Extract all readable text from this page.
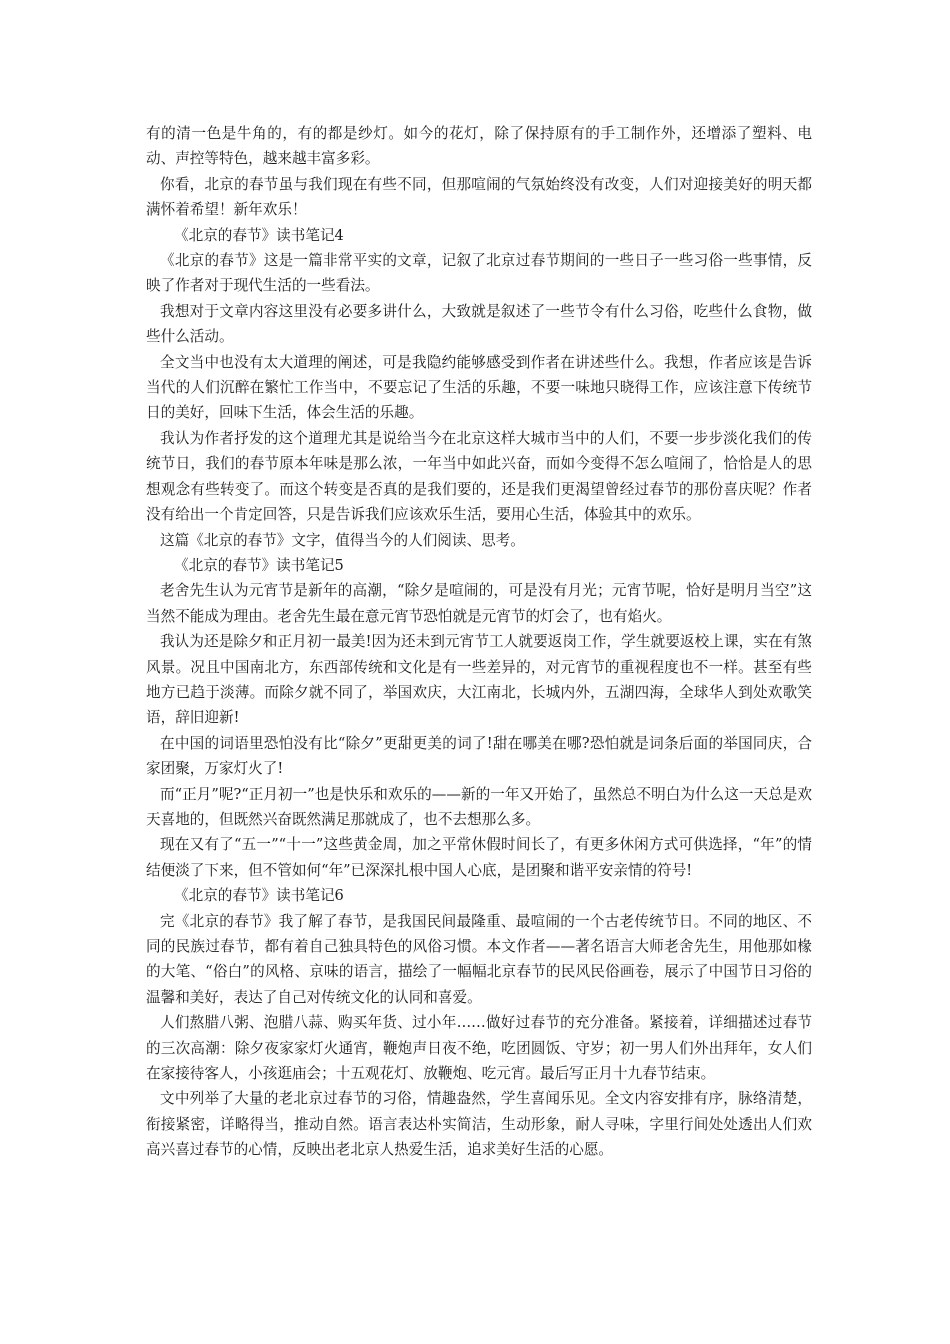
有的清一色是牛角的，有的都是纱灯。如今的花灯，除了保持原有的手工制作外，还增添了塑料、电动、声控等特色，越来越丰富多彩。

你看，北京的春节虽与我们现在有些不同，但那喧闹的气氛始终没有改变，人们对迎接美好的明天都满怀着希望！新年欢乐！

《北京的春节》读书笔记4

《北京的春节》这是一篇非常平实的文章，记叙了北京过春节期间的一些日子一些习俗一些事情，反映了作者对于现代生活的一些看法。

我想对于文章内容这里没有必要多讲什么，大致就是叙述了一些节令有什么习俗，吃些什么食物，做些什么活动。

全文当中也没有太大道理的阐述，可是我隐约能够感受到作者在讲述些什么。我想，作者应该是告诉当代的人们沉醉在繁忙工作当中，不要忘记了生活的乐趣，不要一味地只晓得工作，应该注意下传统节日的美好，回味下生活，体会生活的乐趣。

我认为作者抒发的这个道理尤其是说给当今在北京这样大城市当中的人们，不要一步步淡化我们的传统节日，我们的春节原本年味是那么浓，一年当中如此兴奋，而如今变得不怎么喧闹了，恰恰是人的思想观念有些转变了。而这个转变是否真的是我们要的，还是我们更渴望曾经过春节的那份喜庆呢？作者没有给出一个肯定回答，只是告诉我们应该欢乐生活，要用心生活，体验其中的欢乐。

这篇《北京的春节》文字，值得当今的人们阅读、思考。

《北京的春节》读书笔记5

老舍先生认为元宵节是新年的高潮，“除夕是喧闹的，可是没有月光；元宵节呢，恰好是明月当空”这当然不能成为理由。老舍先生最在意元宵节恐怕就是元宵节的灯会了，也有焰火。

我认为还是除夕和正月初一最美!因为还未到元宵节工人就要返岗工作，学生就要返校上课，实在有煞风景。况且中国南北方，东西部传统和文化是有一些差异的，对元宵节的重视程度也不一样。甚至有些地方已趋于淡薄。而除夕就不同了，举国欢庆，大江南北，长城内外，五湖四海，全球华人到处欢歌笑语，辞旧迎新!

在中国的词语里恐怕没有比“除夕”更甜更美的词了!甜在哪美在哪?恐怕就是词条后面的举国同庆，合家团聚，万家灯火了!

而“正月”呢?“正月初一”也是快乐和欢乐的——新的一年又开始了，虽然总不明白为什么这一天总是欢天喜地的，但既然兴奋既然满足那就成了，也不去想那么多。

现在又有了“五一”“十一”这些黄金周，加之平常休假时间长了，有更多休闲方式可供选择，“年”的情结便淡了下来，但不管如何“年”已深深扎根中国人心底，是团聚和谐平安亲情的符号!

《北京的春节》读书笔记6

完《北京的春节》我了解了春节，是我国民间最隆重、最喧闹的一个古老传统节日。不同的地区、不同的民族过春节，都有着自己独具特色的风俗习惯。本文作者——著名语言大师老舍先生，用他那如椽的大笔、“俗白”的风格、京味的语言，描绘了一幅幅北京春节的民风民俗画卷，展示了中国节日习俗的温馨和美好，表达了自己对传统文化的认同和喜爱。

人们熬腊八粥、泡腊八蒜、购买年货、过小年……做好过春节的充分准备。紧接着，详细描述过春节的三次高潮：除夕夜家家灯火通宵，鞭炮声日夜不绝，吃团圆饭、守岁；初一男人们外出拜年，女人们在家接待客人，小孩逛庙会；十五观花灯、放鞭炮、吃元宵。最后写正月十九春节结束。

文中列举了大量的老北京过春节的习俗，情趣盎然，学生喜闻乐见。全文内容安排有序，脉络清楚，衔接紧密，详略得当，推动自然。语言表达朴实简洁，生动形象，耐人寻味，字里行间处处透出人们欢高兴喜过春节的心情，反映出老北京人热爱生活，追求美好生活的心愿。
